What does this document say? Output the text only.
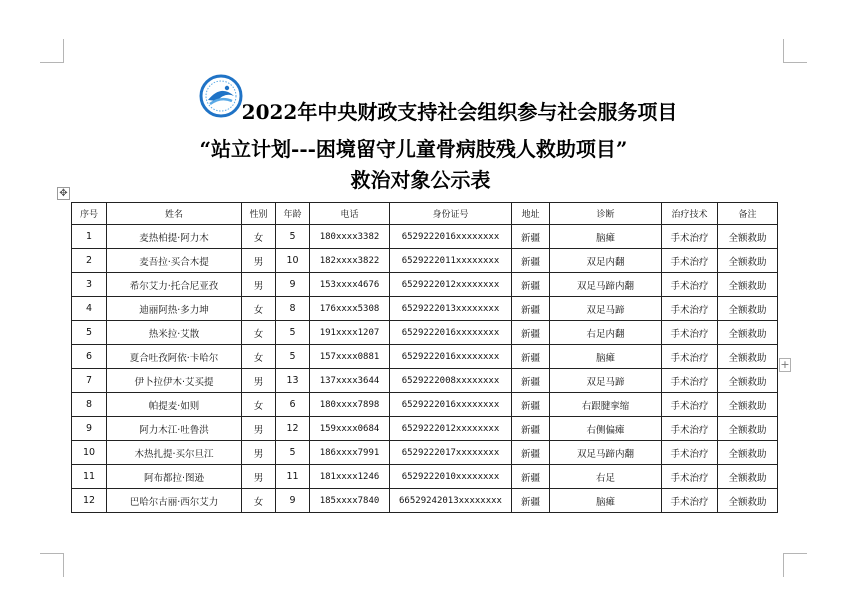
2022年中央财政支持社会组织参与社会服务项目
“站立计划---困境留守儿童骨病肢残人救助项目”
救治对象公示表
✥
+
序号	姓名	性别	年龄	电话	身份证号	地址	诊断	治疗技术	备注
1	麦热柏提·阿力木	女	5	180xxxx3382	6529222016xxxxxxxx	新疆	脑瘫	手术治疗	全额救助
2	麦吾拉·买合木提	男	10	182xxxx3822	6529222011xxxxxxxx	新疆	双足内翻	手术治疗	全额救助
3	希尔艾力·托合尼亚孜	男	9	153xxxx4676	6529222012xxxxxxxx	新疆	双足马蹄内翻	手术治疗	全额救助
4	迪丽阿热·多力坤	女	8	176xxxx5308	6529222013xxxxxxxx	新疆	双足马蹄	手术治疗	全额救助
5	热米拉·艾散	女	5	191xxxx1207	6529222016xxxxxxxx	新疆	右足内翻	手术治疗	全额救助
6	夏合吐孜阿依·卡哈尔	女	5	157xxxx0881	6529222016xxxxxxxx	新疆	脑瘫	手术治疗	全额救助
7	伊卜拉伊木·艾买提	男	13	137xxxx3644	6529222008xxxxxxxx	新疆	双足马蹄	手术治疗	全额救助
8	帕提麦·如则	女	6	180xxxx7898	6529222016xxxxxxxx	新疆	右跟腱挛缩	手术治疗	全额救助
9	阿力木江·吐鲁洪	男	12	159xxxx0684	6529222012xxxxxxxx	新疆	右侧偏瘫	手术治疗	全额救助
10	木热扎提·买尔旦江	男	5	186xxxx7991	6529222017xxxxxxxx	新疆	双足马蹄内翻	手术治疗	全额救助
11	阿布都拉·图逊	男	11	181xxxx1246	6529222010xxxxxxxx	新疆	右足	手术治疗	全额救助
12	巴哈尔古丽·西尔艾力	女	9	185xxxx7840	66529242013xxxxxxxx	新疆	脑瘫	手术治疗	全额救助
